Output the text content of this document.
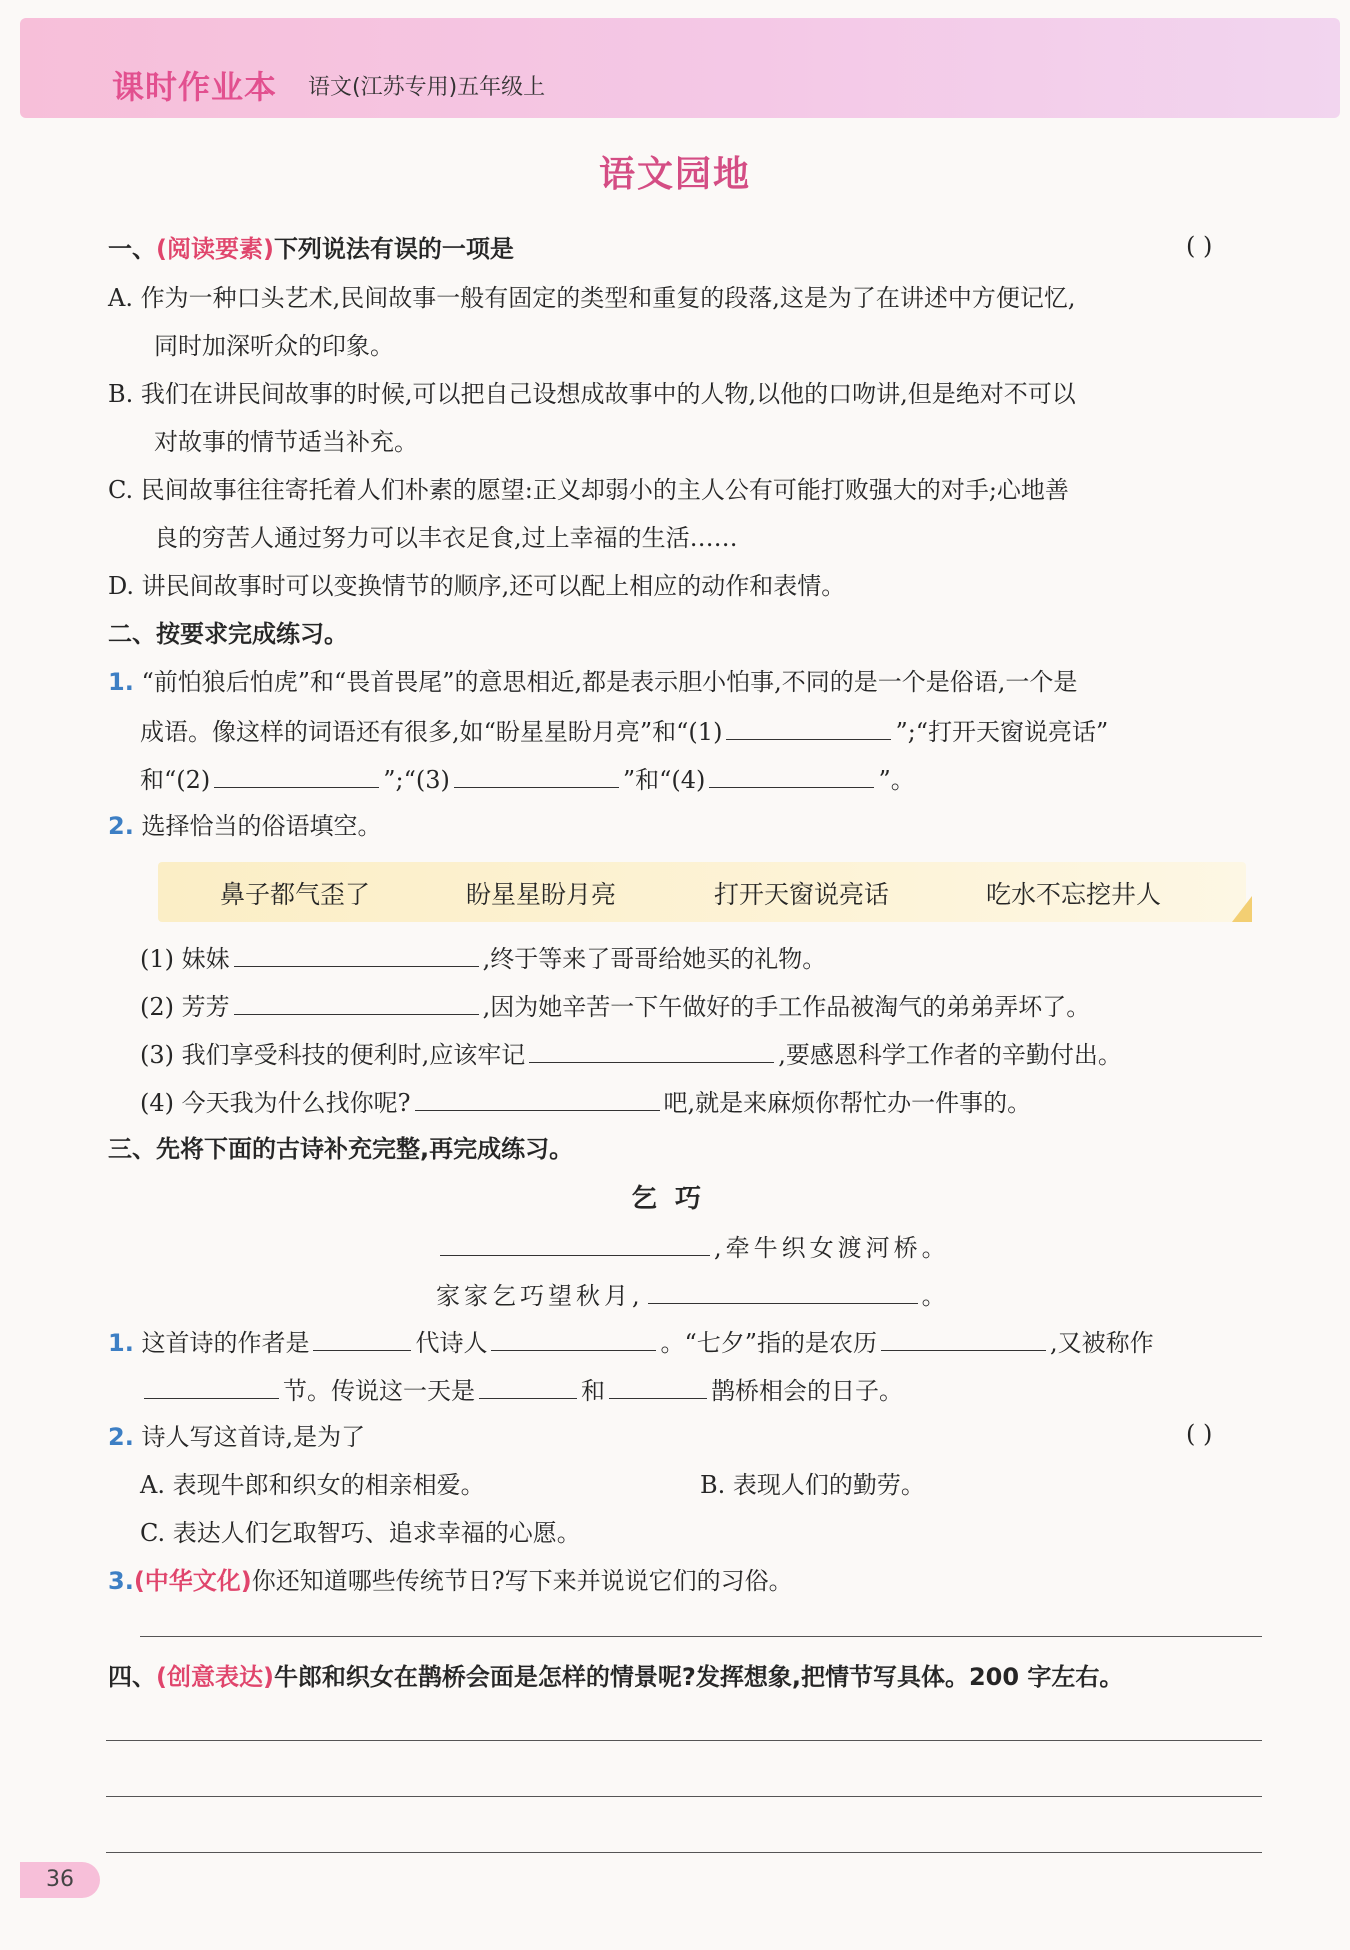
课时作业本 语文(江苏专用)五年级上
语文园地
一、(阅读要素)下列说法有误的一项是	( )
A. 作为一种口头艺术,民间故事一般有固定的类型和重复的段落,这是为了在讲述中方便记忆,
同时加深听众的印象。
B. 我们在讲民间故事的时候,可以把自己设想成故事中的人物,以他的口吻讲,但是绝对不可以
对故事的情节适当补充。
C. 民间故事往往寄托着人们朴素的愿望:正义却弱小的主人公有可能打败强大的对手;心地善
良的穷苦人通过努力可以丰衣足食,过上幸福的生活……
D. 讲民间故事时可以变换情节的顺序,还可以配上相应的动作和表情。
二、按要求完成练习。
1. “前怕狼后怕虎”和“畏首畏尾”的意思相近,都是表示胆小怕事,不同的是一个是俗语,一个是
成语。像这样的词语还有很多,如“盼星星盼月亮”和“(1)	”;“打开天窗说亮话”
和“(2)	”;“(3)	”和“(4)	”。
2. 选择恰当的俗语填空。
鼻子都气歪了	盼星星盼月亮	打开天窗说亮话	吃水不忘挖井人
(1) 妹妹	,终于等来了哥哥给她买的礼物。
(2) 芳芳	,因为她辛苦一下午做好的手工作品被淘气的弟弟弄坏了。
(3) 我们享受科技的便利时,应该牢记	,要感恩科学工作者的辛勤付出。
(4) 今天我为什么找你呢?	吧,就是来麻烦你帮忙办一件事的。
三、先将下面的古诗补充完整,再完成练习。
乞巧
,牵牛织女渡河桥。
家家乞巧望秋月,	。
1. 这首诗的作者是	代诗人	。“七夕”指的是农历	,又被称作
节。传说这一天是	和	鹊桥相会的日子。
2. 诗人写这首诗,是为了	( )
A. 表现牛郎和织女的相亲相爱。	B. 表现人们的勤劳。
C. 表达人们乞取智巧、追求幸福的心愿。
3.(中华文化)你还知道哪些传统节日?写下来并说说它们的习俗。
四、(创意表达)牛郎和织女在鹊桥会面是怎样的情景呢?发挥想象,把情节写具体。200 字左右。
36
